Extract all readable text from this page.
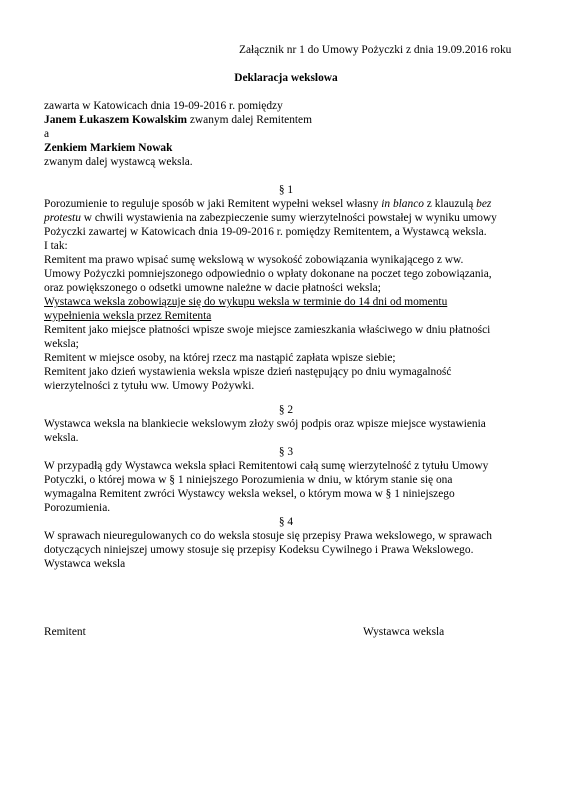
Załącznik nr 1 do Umowy Pożyczki z dnia 19.09.2016 roku
Deklaracja wekslowa
zawarta w Katowicach dnia 19-09-2016 r. pomiędzy
Janem Łukaszem Kowalskim zwanym dalej Remitentem
a
Zenkiem Markiem Nowak
zwanym dalej wystawcą weksla.
§ 1
Porozumienie to reguluje sposób w jaki Remitent wypełni weksel własny in blanco z klauzulą bez
protestu w chwili wystawienia na zabezpieczenie sumy wierzytelności powstałej w wyniku umowy
Pożyczki zawartej w Katowicach dnia 19-09-2016 r. pomiędzy Remitentem, a Wystawcą weksla.
I tak:
Remitent ma prawo wpisać sumę wekslową w wysokość zobowiązania wynikającego z ww.
Umowy Pożyczki pomniejszonego odpowiednio o wpłaty dokonane na poczet tego zobowiązania,
oraz powiększonego o odsetki umowne należne w dacie płatności weksla;
Wystawca weksla zobowiązuje się do wykupu weksla w terminie do 14 dni od momentu
wypełnienia weksla przez Remitenta
Remitent jako miejsce płatności wpisze swoje miejsce zamieszkania właściwego w dniu płatności
weksla;
Remitent w miejsce osoby, na której rzecz ma nastąpić zapłata wpisze siebie;
Remitent jako dzień wystawienia weksla wpisze dzień następujący po dniu wymagalność
wierzytelności z tytułu ww. Umowy Pożywki.
§ 2
Wystawca weksla na blankiecie wekslowym złoży swój podpis oraz wpisze miejsce wystawienia
weksla.
§ 3
W przypadłą gdy Wystawca weksla spłaci Remitentowi całą sumę wierzytelność z tytułu Umowy
Potyczki, o której mowa w § 1 niniejszego Porozumienia w dniu, w którym stanie się ona
wymagalna Remitent zwróci Wystawcy weksla weksel, o którym mowa w § 1 niniejszego
Porozumienia.
§ 4
W sprawach nieuregulowanych co do weksla stosuje się przepisy Prawa wekslowego, w sprawach
dotyczących niniejszej umowy stosuje się przepisy Kodeksu Cywilnego i Prawa Wekslowego.
Wystawca weksla
Remitent	Wystawca weksla
